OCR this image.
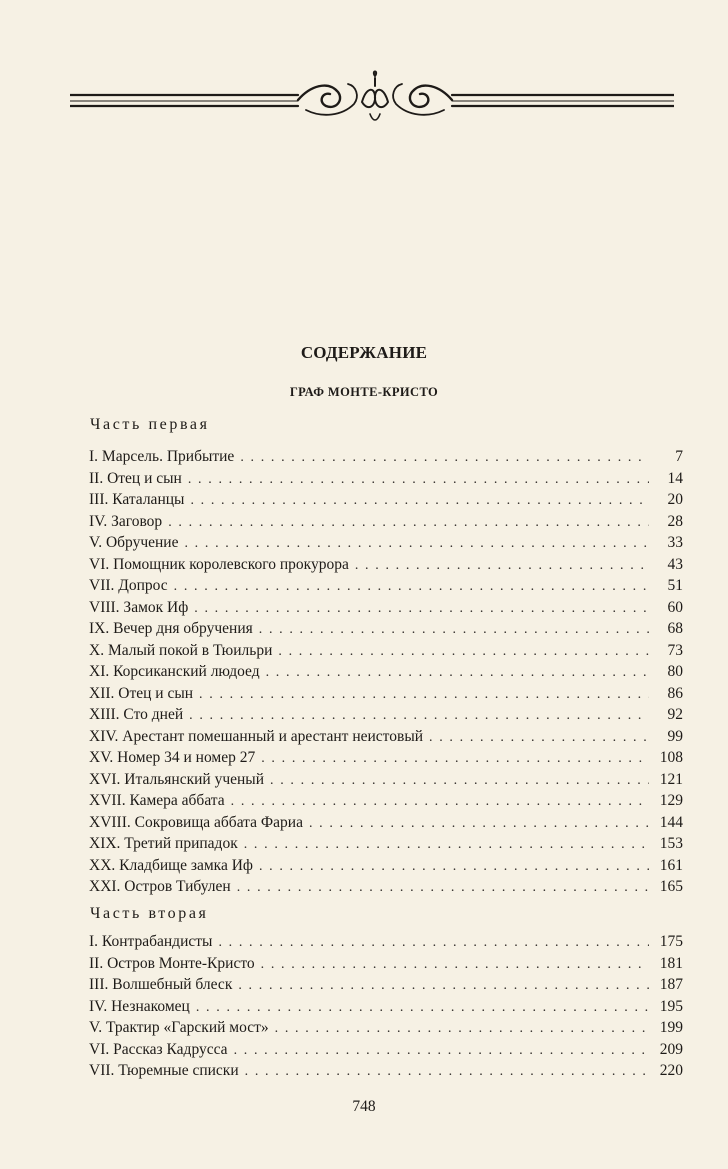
СОДЕРЖАНИЕ
ГРАФ МОНТЕ-КРИСТО
Часть первая
I. Марсель. Прибытие . . .	7
II. Отец и сын . . .	14
III. Каталанцы . . .	20
IV. Заговор . . .	28
V. Обручение . . .	33
VI. Помощник королевского прокурора . . .	43
VII. Допрос . . .	51
VIII. Замок Иф . . .	60
IX. Вечер дня обручения . . .	68
X. Малый покой в Тюильри . . .	73
XI. Корсиканский людоед . . .	80
XII. Отец и сын . . .	86
XIII. Сто дней . . .	92
XIV. Арестант помешанный и арестант неистовый . . .	99
XV. Номер 34 и номер 27 . . .	108
XVI. Итальянский ученый . . .	121
XVII. Камера аббата . . .	129
XVIII. Сокровища аббата Фариа . . .	144
XIX. Третий припадок . . .	153
XX. Кладбище замка Иф . . .	161
XXI. Остров Тибулен . . .	165
Часть вторая
I. Контрабандисты . . .	175
II. Остров Монте-Кристо . . .	181
III. Волшебный блеск . . .	187
IV. Незнакомец . . .	195
V. Трактир «Гарский мост» . . .	199
VI. Рассказ Кадрусса . . .	209
VII. Тюремные списки . . .	220
748
